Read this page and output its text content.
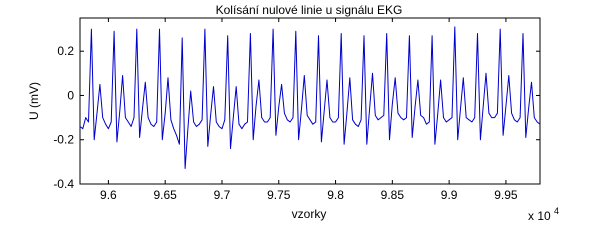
Kolísání nulové linie u signálu EKG
9.6	9.65	9.7	9.75	9.8	9.85	9.9	9.95
-0.4
-0.2
0
0.2
U (mV)
vzorky	x 10 $^4$
